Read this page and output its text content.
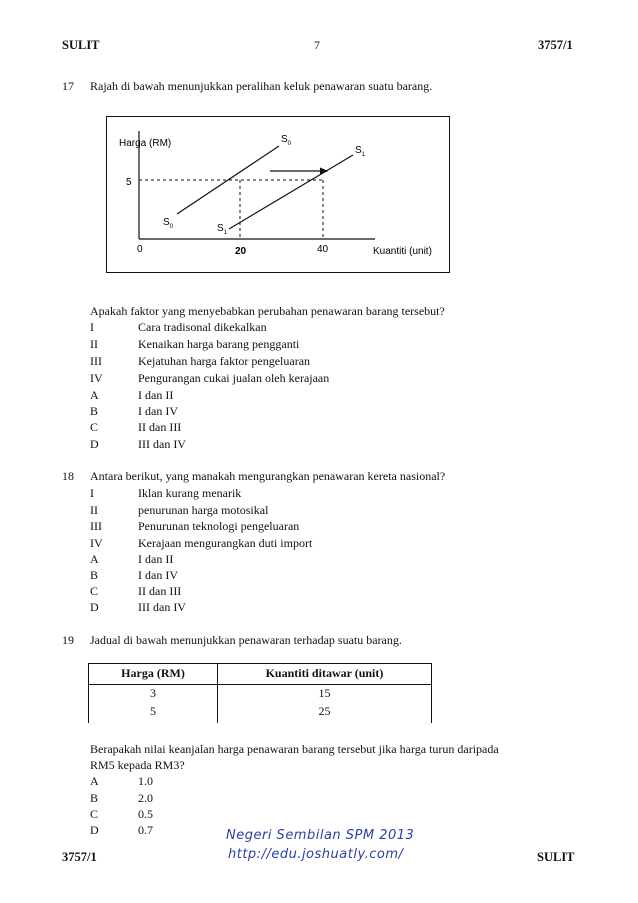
SULIT	7	3757/1
17 Rajah di bawah menunjukkan peralihan keluk penawaran suatu barang.
Harga (RM)
Kuantiti (unit)
0
5
20	40
$S_0$
$S_1$
$S_0$	$S_1$
Apakah faktor yang menyebabkan perubahan penawaran barang tersebut?
I	Cara tradisonal dikekalkan
II	Kenaikan harga barang pengganti
III	Kejatuhan harga faktor pengeluaran
IV	Pengurangan cukai jualan oleh kerajaan
A	I dan II
B	I dan IV
C	II dan III
D	III dan IV
18 Antara berikut, yang manakah mengurangkan penawaran kereta nasional?
I	Iklan kurang menarik
II	penurunan harga motosikal
III	Penurunan teknologi pengeluaran
IV	Kerajaan mengurangkan duti import
A	I dan II
B	I dan IV
C	II dan III
D	III dan IV
19 Jadual di bawah menunjukkan penawaran terhadap suatu barang.
Harga (RM)	Kuantiti ditawar (unit)
3	15
5	25
Berapakah nilai keanjalan harga penawaran barang tersebut jika harga turun daripada
RM5 kepada RM3?
A	1.0
B	2.0
C	0.5
D	0.7	Negeri Sembilan SPM 2013
http://edu.joshuatly.com/
3757/1	SULIT
